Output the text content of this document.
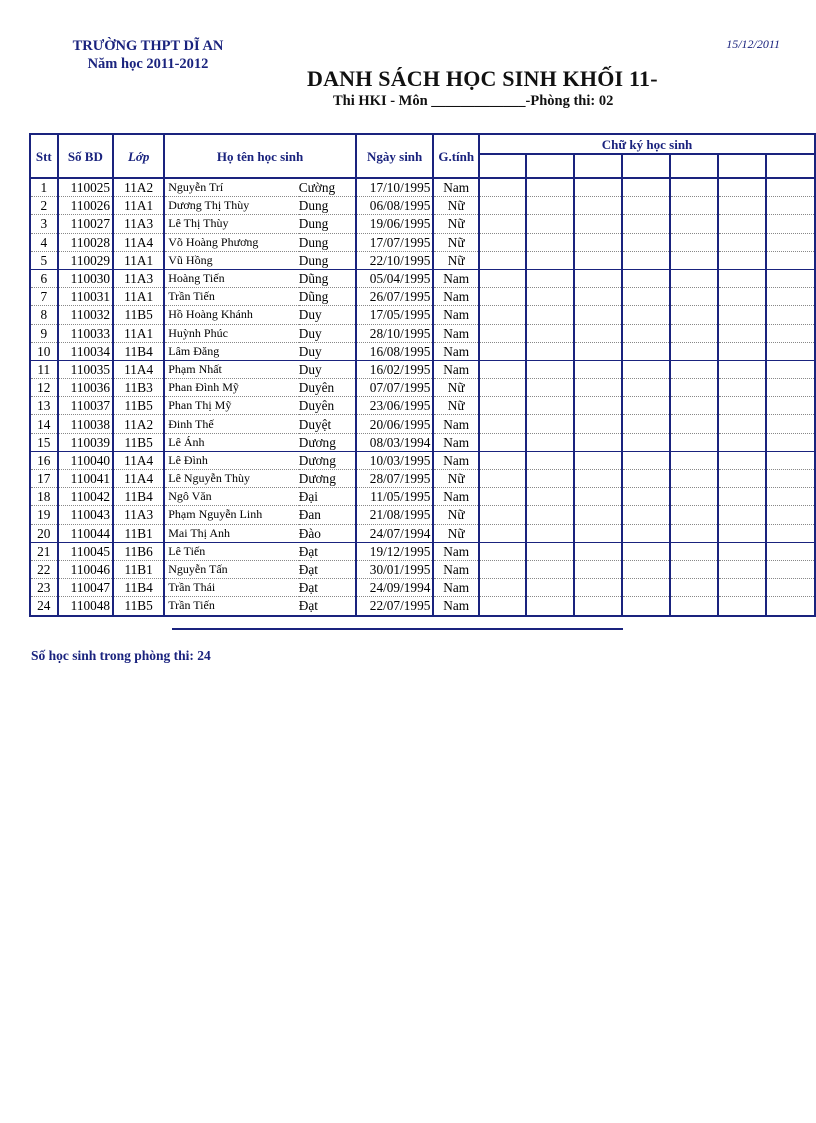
TRƯỜNG THPT DĨ AN
Năm học 2011-2012
15/12/2011
DANH SÁCH HỌC SINH KHỐI 11-
Thi HKI - Môn _____________-Phòng thi: 02
Stt	Số BD	Lớp	Họ tên học sinh		Ngày sinh	G.tính	Chữ ký học sinh						

1	110025	11A2	Nguyễn Trí	Cường	17/10/1995	Nam							
2	110026	11A1	Dương Thị Thùy	Dung	06/08/1995	Nữ							
3	110027	11A3	Lê Thị Thùy	Dung	19/06/1995	Nữ							
4	110028	11A4	Võ Hoàng Phương	Dung	17/07/1995	Nữ							
5	110029	11A1	Vũ Hồng	Dung	22/10/1995	Nữ							
6	110030	11A3	Hoàng Tiến	Dũng	05/04/1995	Nam							
7	110031	11A1	Trần Tiến	Dũng	26/07/1995	Nam							
8	110032	11B5	Hồ Hoàng Khánh	Duy	17/05/1995	Nam							
9	110033	11A1	Huỳnh Phúc	Duy	28/10/1995	Nam							
10	110034	11B4	Lâm Đăng	Duy	16/08/1995	Nam							
11	110035	11A4	Phạm Nhất	Duy	16/02/1995	Nam							
12	110036	11B3	Phan Đình Mỹ	Duyên	07/07/1995	Nữ							
13	110037	11B5	Phan Thị Mỹ	Duyên	23/06/1995	Nữ							
14	110038	11A2	Đinh Thế	Duyệt	20/06/1995	Nam							
15	110039	11B5	Lê Ánh	Dương	08/03/1994	Nam							
16	110040	11A4	Lê Đình	Dương	10/03/1995	Nam							
17	110041	11A4	Lê Nguyễn Thùy	Dương	28/07/1995	Nữ							
18	110042	11B4	Ngô Văn	Đại	11/05/1995	Nam							
19	110043	11A3	Phạm Nguyễn Linh	Đan	21/08/1995	Nữ							
20	110044	11B1	Mai Thị Anh	Đào	24/07/1994	Nữ							
21	110045	11B6	Lê Tiến	Đạt	19/12/1995	Nam							
22	110046	11B1	Nguyễn Tấn	Đạt	30/01/1995	Nam							
23	110047	11B4	Trần Thái	Đạt	24/09/1994	Nam							
24	110048	11B5	Trần Tiến	Đạt	22/07/1995	Nam							
Số học sinh trong phòng thi: 24
